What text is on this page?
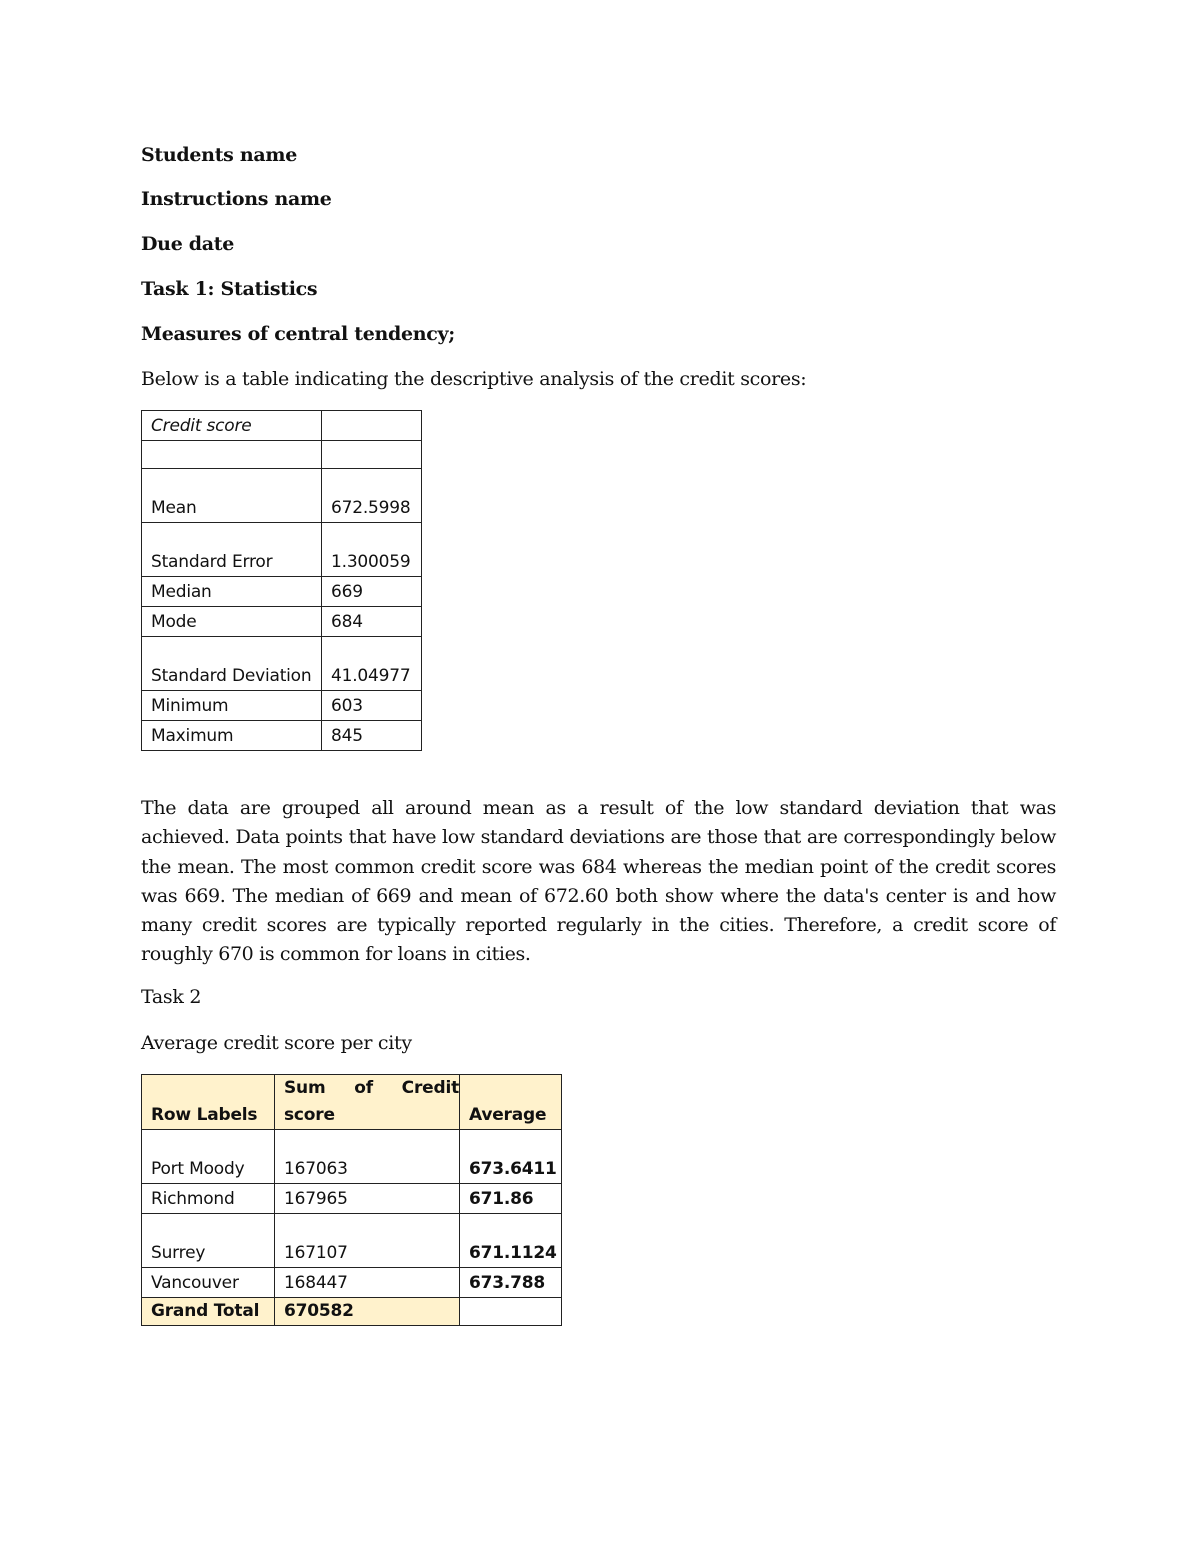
Students name
Instructions name
Due date
Task 1: Statistics
Measures of central tendency;
Below is a table indicating the descriptive analysis of the credit scores:
Credit score	

Mean	672.5998
Standard Error	1.300059
Median	669
Mode	684
Standard Deviation	41.04977
Minimum	603
Maximum	845
The data are grouped all around mean as a result of the low standard deviation that was achieved. Data points that have low standard deviations are those that are correspondingly below the mean. The most common credit score was 684 whereas the median point of the credit scores was 669. The median of 669 and mean of 672.60 both show where the data's center is and how many credit scores are typically reported regularly in the cities. Therefore, a credit score of roughly 670 is common for loans in cities.
Task 2
Average credit score per city
Row Labels	Sum of Credit score	Average
Port Moody	167063	673.6411
Richmond	167965	671.86
Surrey	167107	671.1124
Vancouver	168447	673.788
Grand Total	670582	
